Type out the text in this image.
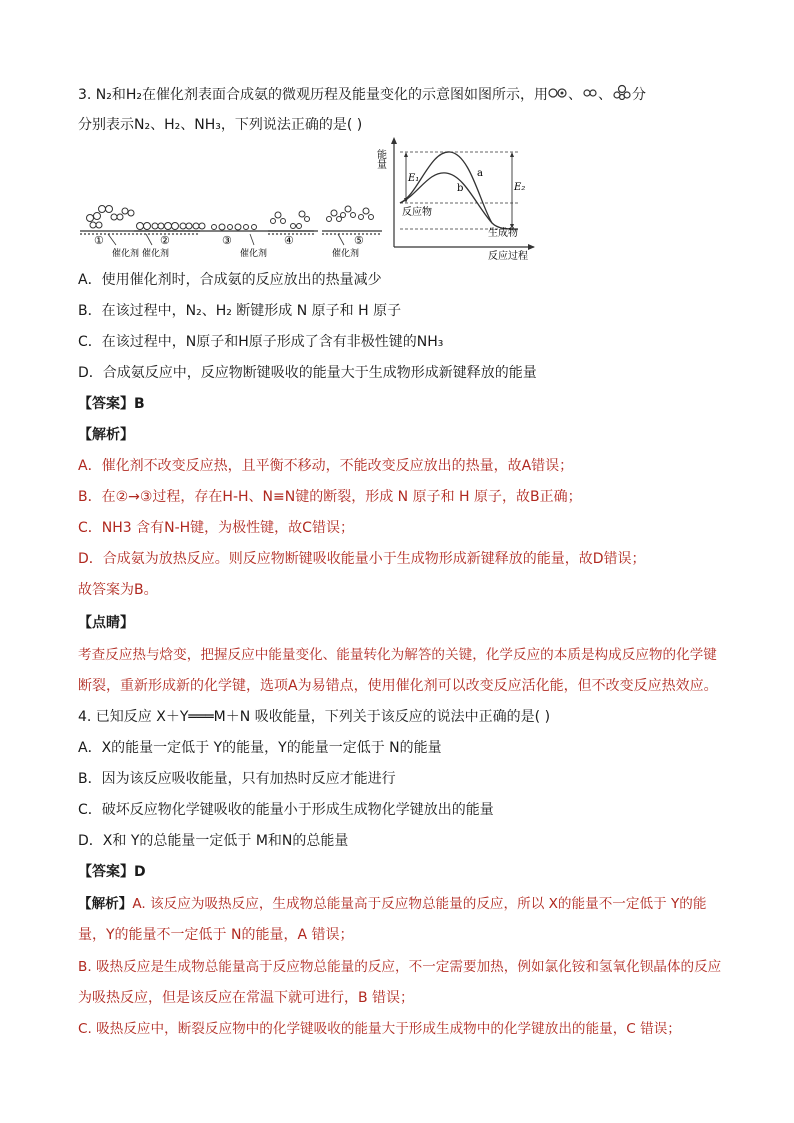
3. N₂和H₂在催化剂表面合成氨的微观历程及能量变化的示意图如图所示，用 、 、 分
分别表示N₂、H₂、NH₃，下列说法正确的是( )
①	②	③	④	⑤
催化剂 催化剂	催化剂	催化剂
能量
E₁
E₂
a
b
反应物
生成物
反应过程
A．使用催化剂时，合成氨的反应放出的热量减少
B．在该过程中，N₂、H₂ 断键形成 N 原子和 H 原子
C．在该过程中，N原子和H原子形成了含有非极性键的NH₃
D．合成氨反应中，反应物断键吸收的能量大于生成物形成新键释放的能量
【答案】B
【解析】
A．催化剂不改变反应热，且平衡不移动，不能改变反应放出的热量，故A错误；
B．在②→③过程，存在H-H、N≡N键的断裂，形成 N 原子和 H 原子，故B正确；
C．NH3 含有N-H键，为极性键，故C错误；
D．合成氨为放热反应。则反应物断键吸收能量小于生成物形成新键释放的能量，故D错误；
故答案为B。
【点睛】
考查反应热与焓变，把握反应中能量变化、能量转化为解答的关键，化学反应的本质是构成反应物的化学键
断裂，重新形成新的化学键，选项A为易错点，使用催化剂可以改变反应活化能，但不改变反应热效应。
4. 已知反应 X＋Y═══M＋N 吸收能量，下列关于该反应的说法中正确的是( )
A．X的能量一定低于 Y的能量，Y的能量一定低于 N的能量
B．因为该反应吸收能量，只有加热时反应才能进行
C．破坏反应物化学键吸收的能量小于形成生成物化学键放出的能量
D．X和 Y的总能量一定低于 M和N的总能量
【答案】D
【解析】A. 该反应为吸热反应，生成物总能量高于反应物总能量的反应，所以 X的能量不一定低于 Y的能
量，Y的能量不一定低于 N的能量，A 错误；
B. 吸热反应是生成物总能量高于反应物总能量的反应，不一定需要加热，例如氯化铵和氢氧化钡晶体的反应
为吸热反应，但是该反应在常温下就可进行，B 错误；
C. 吸热反应中，断裂反应物中的化学键吸收的能量大于形成生成物中的化学键放出的能量，C 错误；
